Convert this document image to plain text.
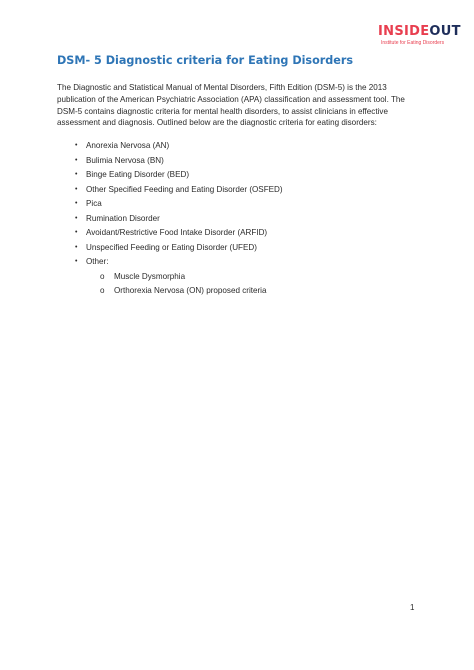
INSIDEOUT
Institute for Eating Disorders
DSM- 5 Diagnostic criteria for Eating Disorders

The Diagnostic and Statistical Manual of Mental Disorders, Fifth Edition (DSM-5) is the 2013 publication of the American Psychiatric Association (APA) classification and assessment tool. The DSM-5 contains diagnostic criteria for mental health disorders, to assist clinicians in effective assessment and diagnosis. Outlined below are the diagnostic criteria for eating disorders:

• Anorexia Nervosa (AN)
• Bulimia Nervosa (BN)
• Binge Eating Disorder (BED)
• Other Specified Feeding and Eating Disorder (OSFED)
• Pica
• Rumination Disorder
• Avoidant/Restrictive Food Intake Disorder (ARFID)
• Unspecified Feeding or Eating Disorder (UFED)
• Other:
o Muscle Dysmorphia
o Orthorexia Nervosa (ON) proposed criteria
1
